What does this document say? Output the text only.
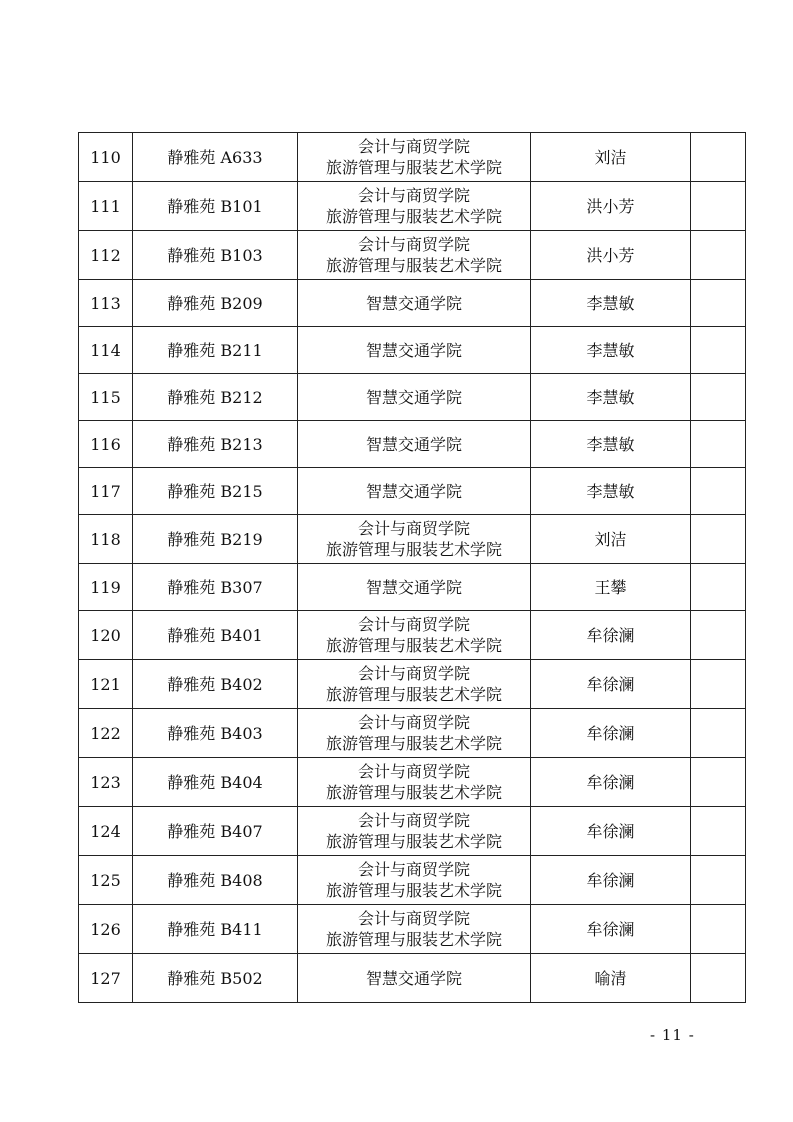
110	静雅苑 A633	会计与商贸学院
旅游管理与服装艺术学院	刘洁	
111	静雅苑 B101	会计与商贸学院
旅游管理与服装艺术学院	洪小芳	
112	静雅苑 B103	会计与商贸学院
旅游管理与服装艺术学院	洪小芳	
113	静雅苑 B209	智慧交通学院	李慧敏	
114	静雅苑 B211	智慧交通学院	李慧敏	
115	静雅苑 B212	智慧交通学院	李慧敏	
116	静雅苑 B213	智慧交通学院	李慧敏	
117	静雅苑 B215	智慧交通学院	李慧敏	
118	静雅苑 B219	会计与商贸学院
旅游管理与服装艺术学院	刘洁	
119	静雅苑 B307	智慧交通学院	王攀	
120	静雅苑 B401	会计与商贸学院
旅游管理与服装艺术学院	牟徐澜	
121	静雅苑 B402	会计与商贸学院
旅游管理与服装艺术学院	牟徐澜	
122	静雅苑 B403	会计与商贸学院
旅游管理与服装艺术学院	牟徐澜	
123	静雅苑 B404	会计与商贸学院
旅游管理与服装艺术学院	牟徐澜	
124	静雅苑 B407	会计与商贸学院
旅游管理与服装艺术学院	牟徐澜	
125	静雅苑 B408	会计与商贸学院
旅游管理与服装艺术学院	牟徐澜	
126	静雅苑 B411	会计与商贸学院
旅游管理与服装艺术学院	牟徐澜	
127	静雅苑 B502	智慧交通学院	喻清	
- 11 -
